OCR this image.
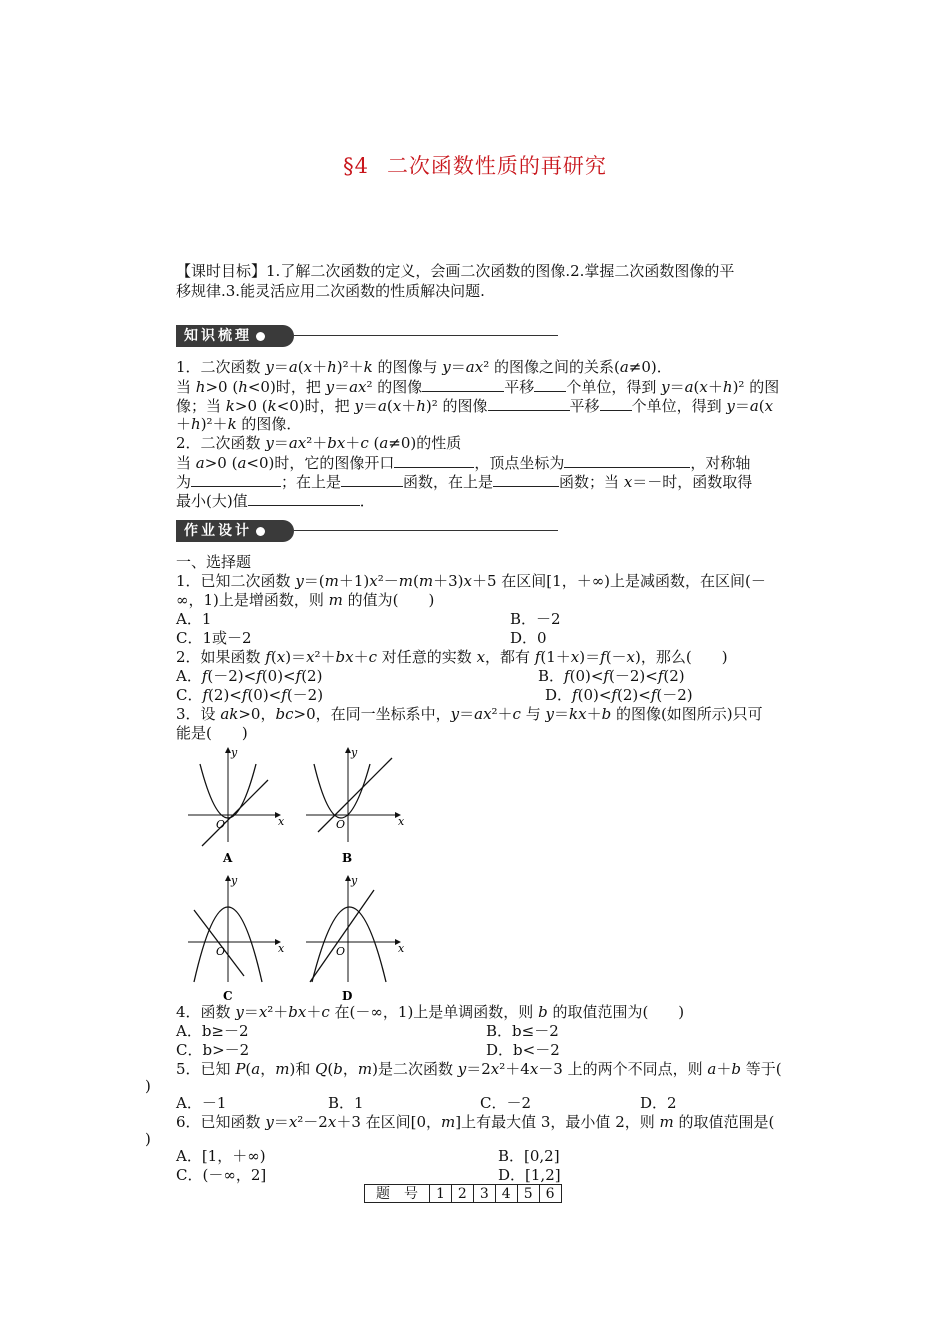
§4 二次函数性质的再研究
【课时目标】1.了解二次函数的定义，会画二次函数的图像.2.掌握二次函数图像的平
移规律.3.能灵活应用二次函数的性质解决问题.
知识梳理
1．二次函数 y＝a(x＋h)²＋k 的图像与 y＝ax² 的图像之间的关系(a≠0)．
当 h>0 (h<0)时，把 y＝ax² 的图像	平移 个单位，得到 y＝a(x＋h)² 的图
像；当 k>0 (k<0)时，把 y＝a(x＋h)² 的图像	平移 个单位，得到 y＝a(x
＋h)²＋k 的图像．
2．二次函数 y＝ax²＋bx＋c (a≠0)的性质
当 a>0 (a<0)时，它的图像开口	，顶点坐标为	，对称轴
为	；在上是	函数，在上是	函数；当 x＝－时，函数取得
最小(大)值	．
作业设计
一、选择题
1．已知二次函数 y＝(m＋1)x²－m(m＋3)x＋5 在区间[1，＋∞)上是减函数，在区间(－
∞，1)上是增函数，则 m 的值为(　　)
A．1	B．－2
C．1或－2	D．0
2．如果函数 f(x)＝x²＋bx＋c 对任意的实数 x，都有 f(1＋x)＝f(－x)，那么(　　)
A．f(－2)<f(0)<f(2)	B．f(0)<f(－2)<f(2)
C．f(2)<f(0)<f(－2)	D．f(0)<f(2)<f(－2)
3．设 ak>0，bc>0，在同一坐标系中，y＝ax²＋c 与 y＝kx＋b 的图像(如图所示)只可
能是(　　)
x
y
O
A
x
y
O
B
x
y
O
C
x
y
O
D
4．函数 y＝x²＋bx＋c 在(－∞，1)上是单调函数，则 b 的取值范围为(　　)
A．b≥－2	B．b≤－2
C．b>－2	D．b<－2
5．已知 P(a，m)和 Q(b，m)是二次函数 y＝2x²＋4x－3 上的两个不同点，则 a＋b 等于(
)
A．－1	B．1	C．－2	D．2
6．已知函数 y＝x²－2x＋3 在区间[0，m]上有最大值 3，最小值 2，则 m 的取值范围是(
)
A．[1，＋∞)	B．[0,2]
C．(－∞，2]	D．[1,2]
题　号	1	2	3	4	5	6
